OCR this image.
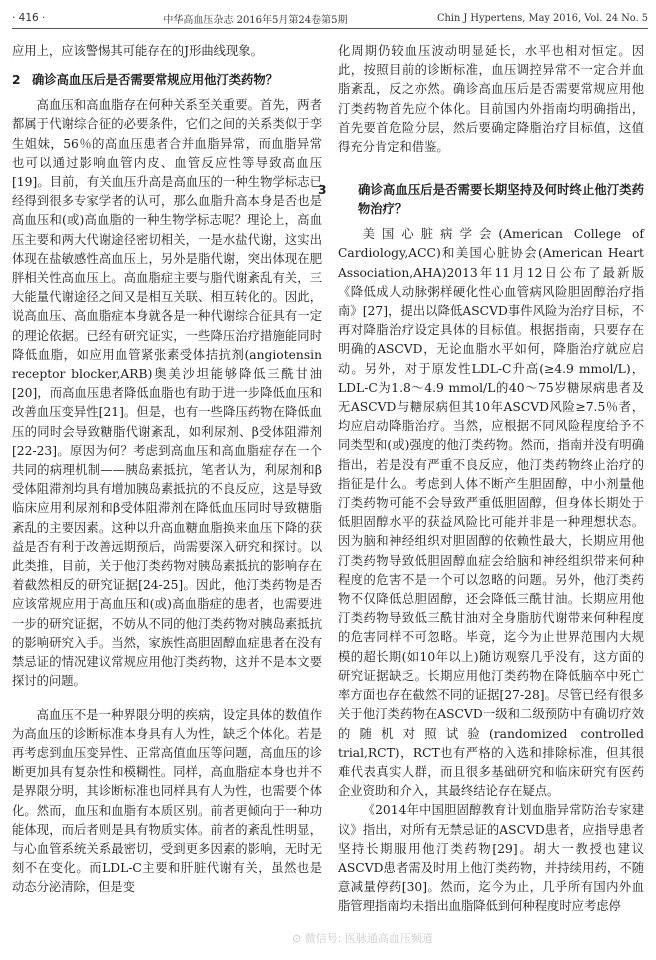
· 416 ·	中华高血压杂志 2016年5月第24卷第5期	Chin J Hypertens, May 2016, Vol. 24 No. 5

应用上，应该警惕其可能存在的J形曲线现象。

2 确诊高血压后是否需要常规应用他汀类药物？

高血压和高血脂存在何种关系至关重要。首先，两者都属于代谢综合征的必要条件，它们之间的关系类似于孪生姐妹，56％的高血压患者合并血脂异常，而血脂异常也可以通过影响血管内皮、血管反应性等导致高血压[19]。目前，有关血压升高是高血压的一种生物学标志已经得到很多专家学者的认可，那么血脂升高本身是否也是高血压和(或)高血脂的一种生物学标志呢？理论上，高血压主要和两大代谢途径密切相关，一是水盐代谢，这实出体现在盐敏感性高血压上，另外是脂代谢，突出体现在肥胖相关性高血压上。高血脂症主要与脂代谢紊乱有关，三大能量代谢途径之间又是相互关联、相互转化的。因此，说高血压、高血脂症本身就各是一种代谢综合征具有一定的理论依据。已经有研究证实，一些降压治疗措施能同时降低血脂，如应用血管紧张素受体拮抗剂(angiotensin receptor blocker,ARB)奥美沙坦能够降低三酰甘油[20]，而高血压患者降低血脂也有助于进一步降低血压和改善血压变异性[21]。但是，也有一些降压药物在降低血压的同时会导致糖脂代谢紊乱，如利尿剂、β受体阻滞剂[22-23]。原因为何？考虑到高血压和高血脂症存在一个共同的病理机制——胰岛素抵抗，笔者认为，利尿剂和β受体阻滞剂均具有增加胰岛素抵抗的不良反应，这是导致临床应用利尿剂和β受体阻滞剂在降低血压同时导致糖脂紊乱的主要因素。这种以升高血糖血脂换来血压下降的获益是否有利于改善远期预后，尚需要深入研究和探讨。以此类推，目前，关于他汀类药物对胰岛素抵抗的影响存在着截然相反的研究证据[24-25]。因此，他汀类药物是否应该常规应用于高血压和(或)高血脂症的患者，也需要进一步的研究证据，不妨从不同的他汀类药物对胰岛素抵抗的影响研究入手。当然，家族性高胆固醇血症患者在没有禁忌证的情况建议常规应用他汀类药物，这并不是本文要探讨的问题。

高血压不是一种界限分明的疾病，设定具体的数值作为高血压的诊断标准本身具有人为性，缺乏个体化。若是再考虑到血压变异性、正常高值血压等问题，高血压的诊断更加具有复杂性和模糊性。同样，高血脂症本身也并不是界限分明，其诊断标准也同样具有人为性，也需要个体化。然而，血压和血脂有本质区别。前者更倾向于一种功能体现，而后者则是具有物质实体。前者的紊乱性明显，与心血管系统关系最密切，受到更多因素的影响，无时无刻不在变化。而LDL-C主要和肝脏代谢有关，虽然也是动态分泌清除，但是变

化周期仍较血压波动明显延长，水平也相对恒定。因此，按照目前的诊断标准，血压调控异常不一定合并血脂紊乱，反之亦然。确诊高血压后是否需要常规应用他汀类药物首先应个体化。目前国内外指南均明确指出，首先要首危险分层，然后要确定降脂治疗目标值，这值得充分肯定和借鉴。

3	确诊高血压后是否需要长期坚持及何时终止他汀类药物治疗？

美国心脏病学会(American College of Cardiology,ACC)和美国心脏协会(American Heart Association,AHA)2013年11月12日公布了最新版《降低成人动脉粥样硬化性心血管病风险胆固醇治疗指南》[27]，提出以降低ASCVD事件风险为治疗目标，不再对降脂治疗设定具体的目标值。根据指南，只要存在明确的ASCVD，无论血脂水平如何，降脂治疗就应启动。另外，对于原发性LDL-C升高(≥4.9 mmol/L)，LDL-C为1.8～4.9 mmol/L的40～75岁糖尿病患者及无ASCVD与糖尿病但其10年ASCVD风险≥7.5％者，均应启动降脂治疗。当然，应根据不同风险程度给予不同类型和(或)强度的他汀类药物。然而，指南并没有明确指出，若是没有严重不良反应，他汀类药物终止治疗的指征是什么。考虑到人体不断产生胆固醇，中小剂量他汀类药物可能不会导致严重低胆固醇，但身体长期处于低胆固醇水平的获益风险比可能并非是一种理想状态。因为脑和神经组织对胆固醇的依赖性最大，长期应用他汀类药物导致低胆固醇血症会给脑和神经组织带来何种程度的危害不是一个可以忽略的问题。另外，他汀类药物不仅降低总胆固醇，还会降低三酰甘油。长期应用他汀类药物导致低三酰甘油对全身脂肪代谢带来何种程度的危害同样不可忽略。毕竟，迄今为止世界范围内大规模的超长期(如10年以上)随访观察几乎没有，这方面的研究证据缺乏。长期应用他汀类药物在降低脑卒中死亡率方面也存在截然不同的证据[27-28]。尽管已经有很多关于他汀类药物在ASCVD一级和二级预防中有确切疗效的随机对照试验(randomized controlled trial,RCT)，RCT也有严格的入选和排除标准，但其很难代表真实人群，而且很多基础研究和临床研究有医药企业资助和介入，其最终结论存在疑点。

《2014年中国胆固醇教育计划血脂异常防治专家建议》指出，对所有无禁忌证的ASCVD患者，应指导患者坚持长期服用他汀类药物[29]。胡大一教授也建议ASCVD患者需及时用上他汀类药物，并持续用药，不随意减量停药[30]。然而，迄今为止，几乎所有国内外血脂管理指南均未指出血脂降低到何种程度时应考虑停

⊙ 微信号: 医脉通高血压频道
